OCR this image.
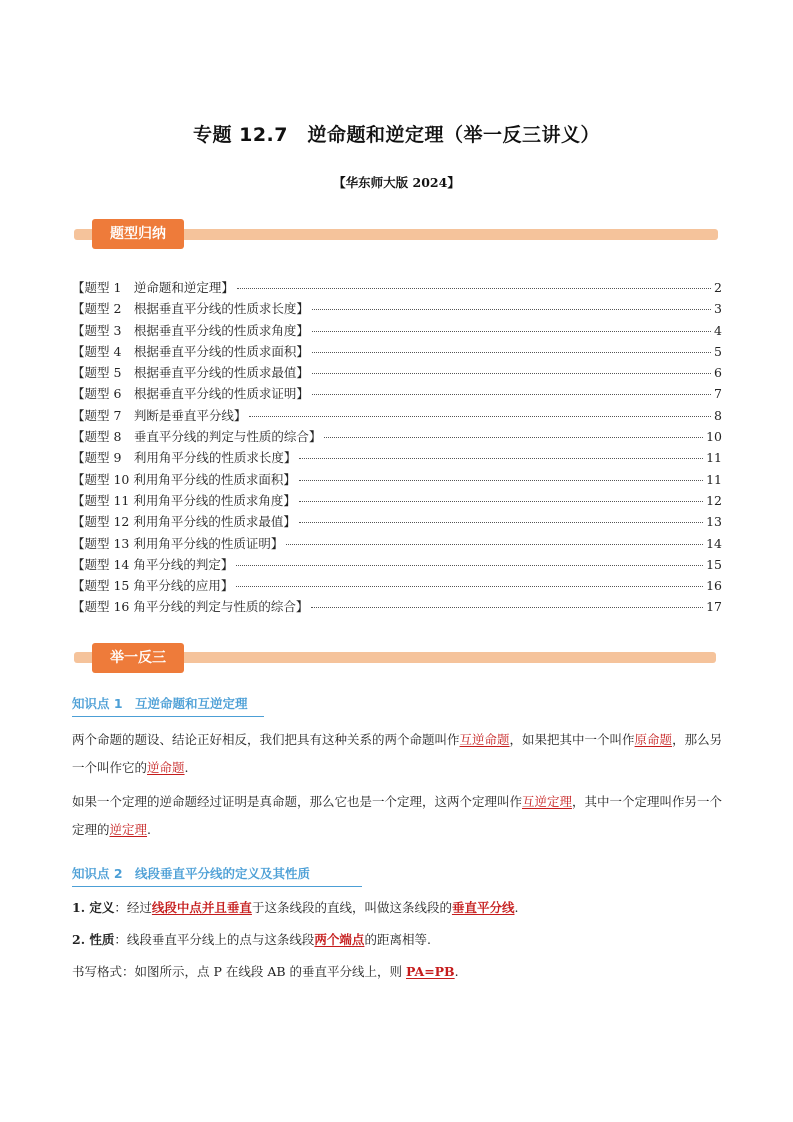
专题 12.7　逆命题和逆定理（举一反三讲义）
【华东师大版 2024】
题型归纳
【题型 1　逆命题和逆定理】	2
【题型 2　根据垂直平分线的性质求长度】	3
【题型 3　根据垂直平分线的性质求角度】	4
【题型 4　根据垂直平分线的性质求面积】	5
【题型 5　根据垂直平分线的性质求最值】	6
【题型 6　根据垂直平分线的性质求证明】	7
【题型 7　判断是垂直平分线】	8
【题型 8　垂直平分线的判定与性质的综合】	10
【题型 9　利用角平分线的性质求长度】	11
【题型 10 利用角平分线的性质求面积】	11
【题型 11 利用角平分线的性质求角度】	12
【题型 12 利用角平分线的性质求最值】	13
【题型 13 利用角平分线的性质证明】	14
【题型 14 角平分线的判定】	15
【题型 15 角平分线的应用】	16
【题型 16 角平分线的判定与性质的综合】	17
举一反三
知识点 1　互逆命题和互逆定理
两个命题的题设、结论正好相反，我们把具有这种关系的两个命题叫作互逆命题，如果把其中一个叫作原命题，那么另一个叫作它的逆命题.
如果一个定理的逆命题经过证明是真命题，那么它也是一个定理，这两个定理叫作互逆定理，其中一个定理叫作另一个定理的逆定理.
知识点 2　线段垂直平分线的定义及其性质
1. 定义：经过线段中点并且垂直于这条线段的直线，叫做这条线段的垂直平分线.
2. 性质：线段垂直平分线上的点与这条线段两个端点的距离相等.
书写格式：如图所示，点 P 在线段 AB 的垂直平分线上，则 PA=PB.
